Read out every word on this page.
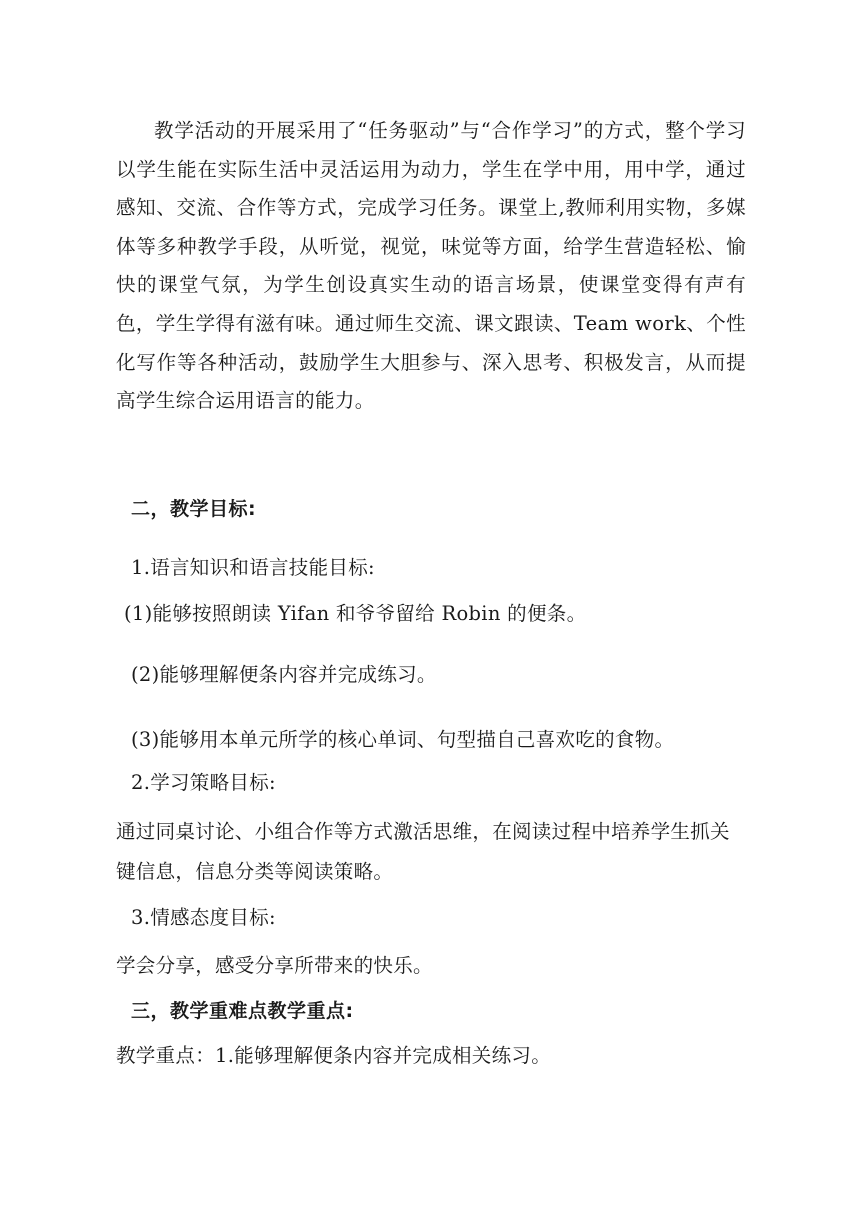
教学活动的开展采用了“任务驱动”与“合作学习”的方式，整个学习以学生能在实际生活中灵活运用为动力，学生在学中用，用中学，通过感知、交流、合作等方式，完成学习任务。课堂上,教师利用实物，多媒体等多种教学手段，从听觉，视觉，味觉等方面，给学生营造轻松、愉快的课堂气氛，为学生创设真实生动的语言场景，使课堂变得有声有色，学生学得有滋有味。通过师生交流、课文跟读、Team work、个性化写作等各种活动，鼓励学生大胆参与、深入思考、积极发言，从而提高学生综合运用语言的能力。

二，教学目标:
1.语言知识和语言技能目标:
(1)能够按照朗读 Yifan 和爷爷留给 Robin 的便条。
(2)能够理解便条内容并完成练习。
(3)能够用本单元所学的核心单词、句型描自己喜欢吃的食物。
2.学习策略目标:
通过同桌讨论、小组合作等方式激活思维，在阅读过程中培养学生抓关
键信息，信息分类等阅读策略。
3.情感态度目标:
学会分享，感受分享所带来的快乐。
三，教学重难点教学重点:
教学重点：1.能够理解便条内容并完成相关练习。
